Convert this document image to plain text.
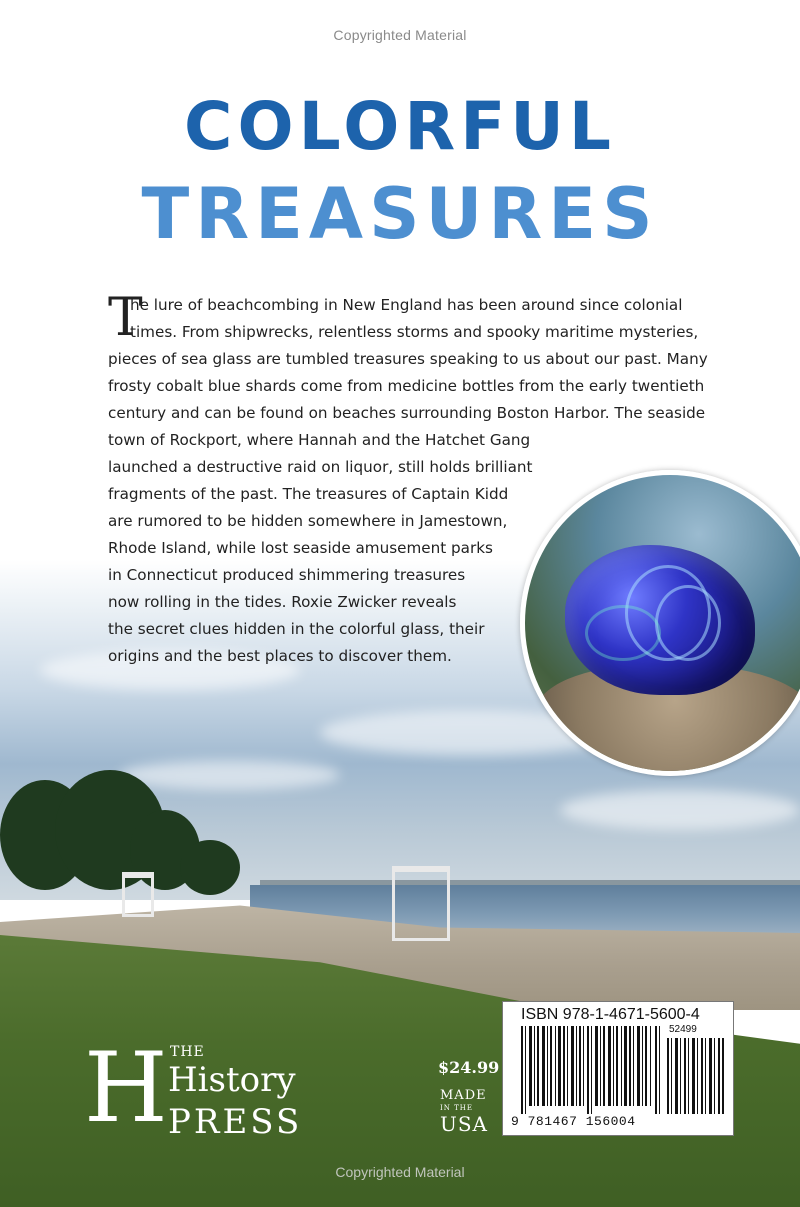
Copyrighted Material
COLORFUL
TREASURES
T
he lure of beachcombing in New England has been around since colonial
times. From shipwrecks, relentless storms and spooky maritime mysteries,
pieces of sea glass are tumbled treasures speaking to us about our past. Many
frosty cobalt blue shards come from medicine bottles from the early twentieth
century and can be found on beaches surrounding Boston Harbor. The seaside
town of Rockport, where Hannah and the Hatchet Gang
launched a destructive raid on liquor, still holds brilliant
fragments of the past. The treasures of Captain Kidd
are rumored to be hidden somewhere in Jamestown,
Rhode Island, while lost seaside amusement parks
in Connecticut produced shimmering treasures
now rolling in the tides. Roxie Zwicker reveals
the secret clues hidden in the colorful glass, their
origins and the best places to discover them.
H THE
History
PRESS
$24.99
MADE
IN THE
USA
ISBN 978-1-4671-5600-4
52499
9 781467 156004
Copyrighted Material
